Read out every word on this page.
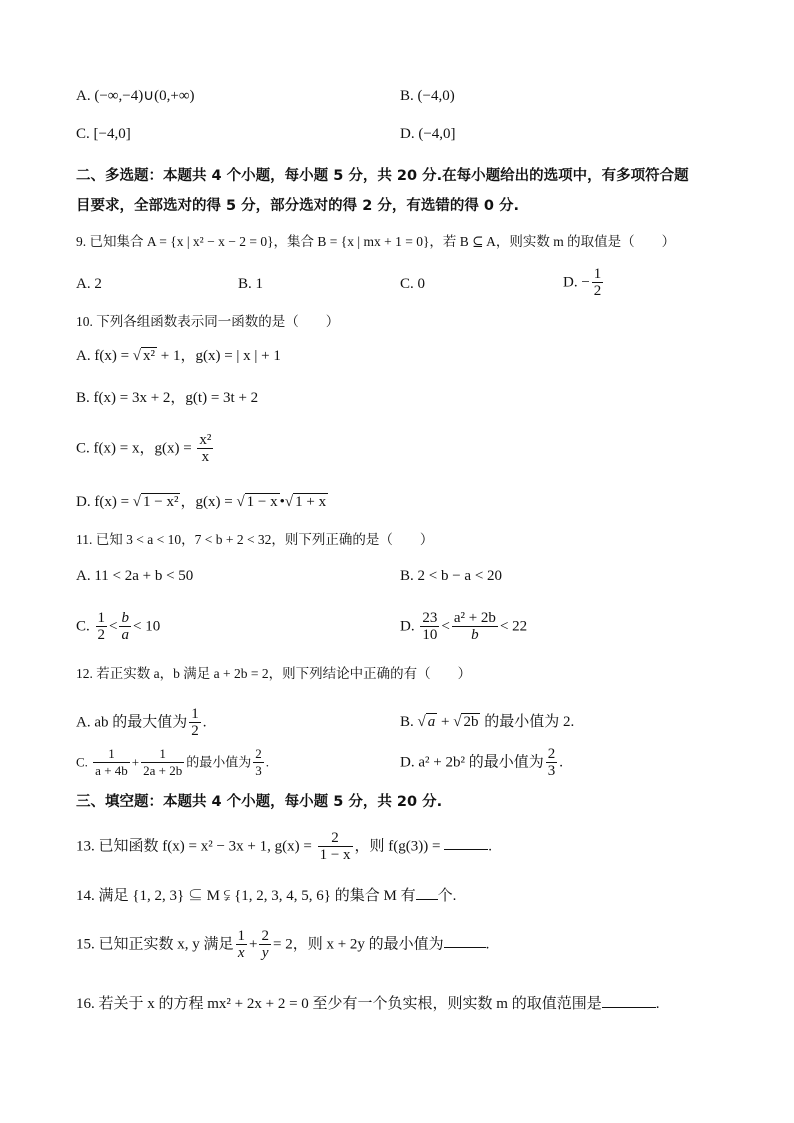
A. (−∞,−4)∪(0,+∞)	B. (−4,0)
C. [−4,0]	D. (−4,0]
二、多选题：本题共 4 个小题，每小题 5 分，共 20 分.在每小题给出的选项中，有多项符合题
目要求，全部选对的得 5 分，部分选对的得 2 分，有选错的得 0 分.
9. 已知集合 A = {x | x² − x − 2 = 0}，集合 B = {x | mx + 1 = 0}，若 B ⊆ A，则实数 m 的取值是（　　）
A. 2	B. 1	C. 0	D. − $\frac{1}{2}$
10. 下列各组函数表示同一函数的是（　　）
A. f(x) = √ x² + 1，g(x) = | x | + 1
B. f(x) = 3x + 2，g(t) = 3t + 2
C. f(x) = x，$g(x) = \frac{\text{x²}}{x}$
D. f(x) = √ 1 − x² ，g(x) = √ 1 − x •√ 1 + x
11. 已知 3 < a < 10，7 < b + 2 < 32，则下列正确的是（　　）
A. 11 < 2a + b < 50	B. 2 < b − a < 20
C. $\frac{1}{2} < \frac{b}{a} < 10$	D. $\frac{23}{10} < \frac{\text{a² + 2b}}{b} < 22$
12. 若正实数 a，b 满足 a + 2b = 2，则下列结论中正确的有（　　）
A. ab 的最大值为 $\frac{1}{2}$ .	B. √ a + √ 2b 的最小值为 2.
C. $\frac{1}{a + 4b} + \frac{1}{2a + 2b}$ 的最小值为 $\frac{2}{3}$ .	D. a² + 2b² 的最小值为 $\frac{2}{3}$ .
三、填空题：本题共 4 个小题，每小题 5 分，共 20 分.
13. 已知函数 f(x) = x² − 3x + 1, $g(x) = \frac{2}{1 - x}$ ，则 f(g(3)) =	.
14. 满足 {1, 2, 3} ⊆ M ⫋ {1, 2, 3, 4, 5, 6} 的集合 M 有 个.
15. 已知正实数 x, y 满足 $\frac{1}{x} + \frac{2}{y} = 2$，则 x + 2y 的最小值为	.
16. 若关于 x 的方程 mx² + 2x + 2 = 0 至少有一个负实根，则实数 m 的取值范围是	.
